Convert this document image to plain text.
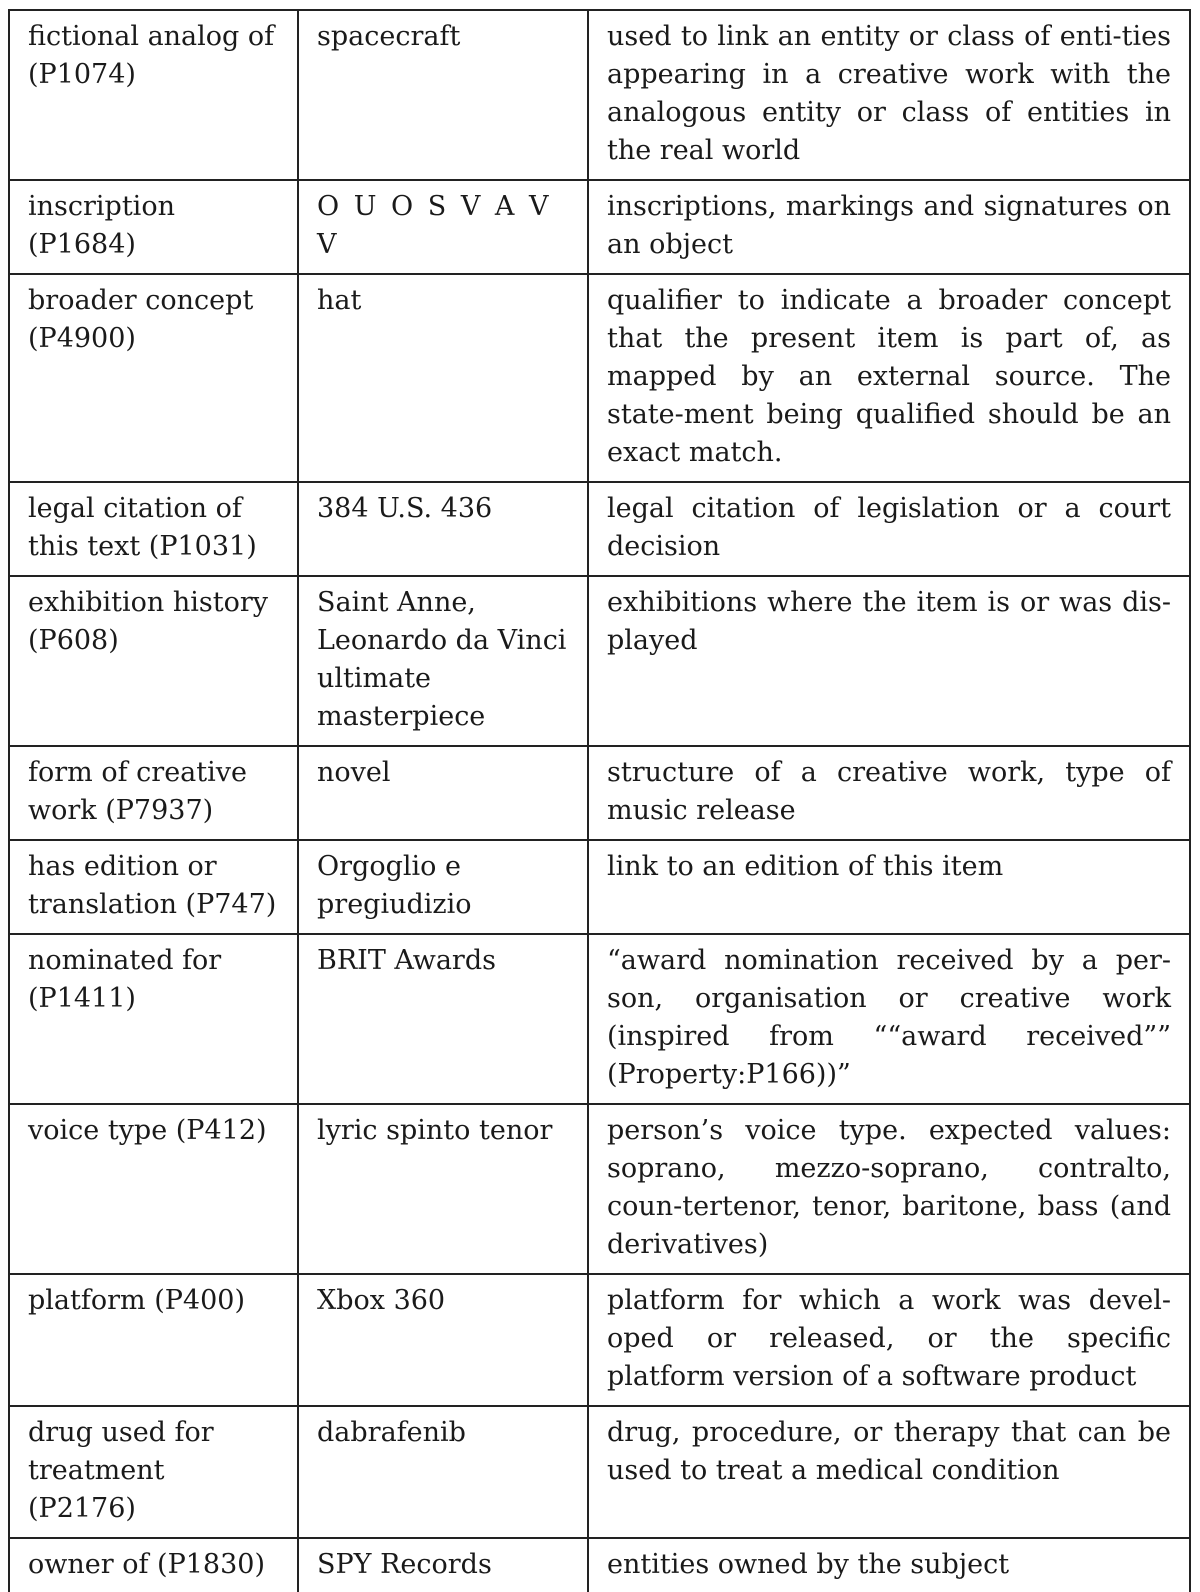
fictional analog of (P1074)	spacecraft	used to link an entity or class of enti-ties appearing in a creative work with the analogous entity or class of entities in the real world
inscription (P1684)	O U O S V A V V	inscriptions, markings and signatures on an object
broader concept (P4900)	hat	qualifier to indicate a broader concept that the present item is part of, as mapped by an external source. The state-ment being qualified should be an exact match.
legal citation of this text (P1031)	384 U.S. 436	legal citation of legislation or a court decision
exhibition history (P608)	Saint Anne, Leonardo da Vinci ultimate masterpiece	exhibitions where the item is or was dis-played
form of creative work (P7937)	novel	structure of a creative work, type of music release
has edition or translation (P747)	Orgoglio e pregiudizio	link to an edition of this item
nominated for (P1411)	BRIT Awards	“award nomination received by a per-son, organisation or creative work (inspired from ““award received”” (Property:P166))”
voice type (P412)	lyric spinto tenor	person’s voice type. expected values: soprano, mezzo-soprano, contralto, coun-tertenor, tenor, baritone, bass (and derivatives)
platform (P400)	Xbox 360	platform for which a work was devel-oped or released, or the specific platform version of a software product
drug used for treatment (P2176)	dabrafenib	drug, procedure, or therapy that can be used to treat a medical condition
owner of (P1830)	SPY Records	entities owned by the subject
